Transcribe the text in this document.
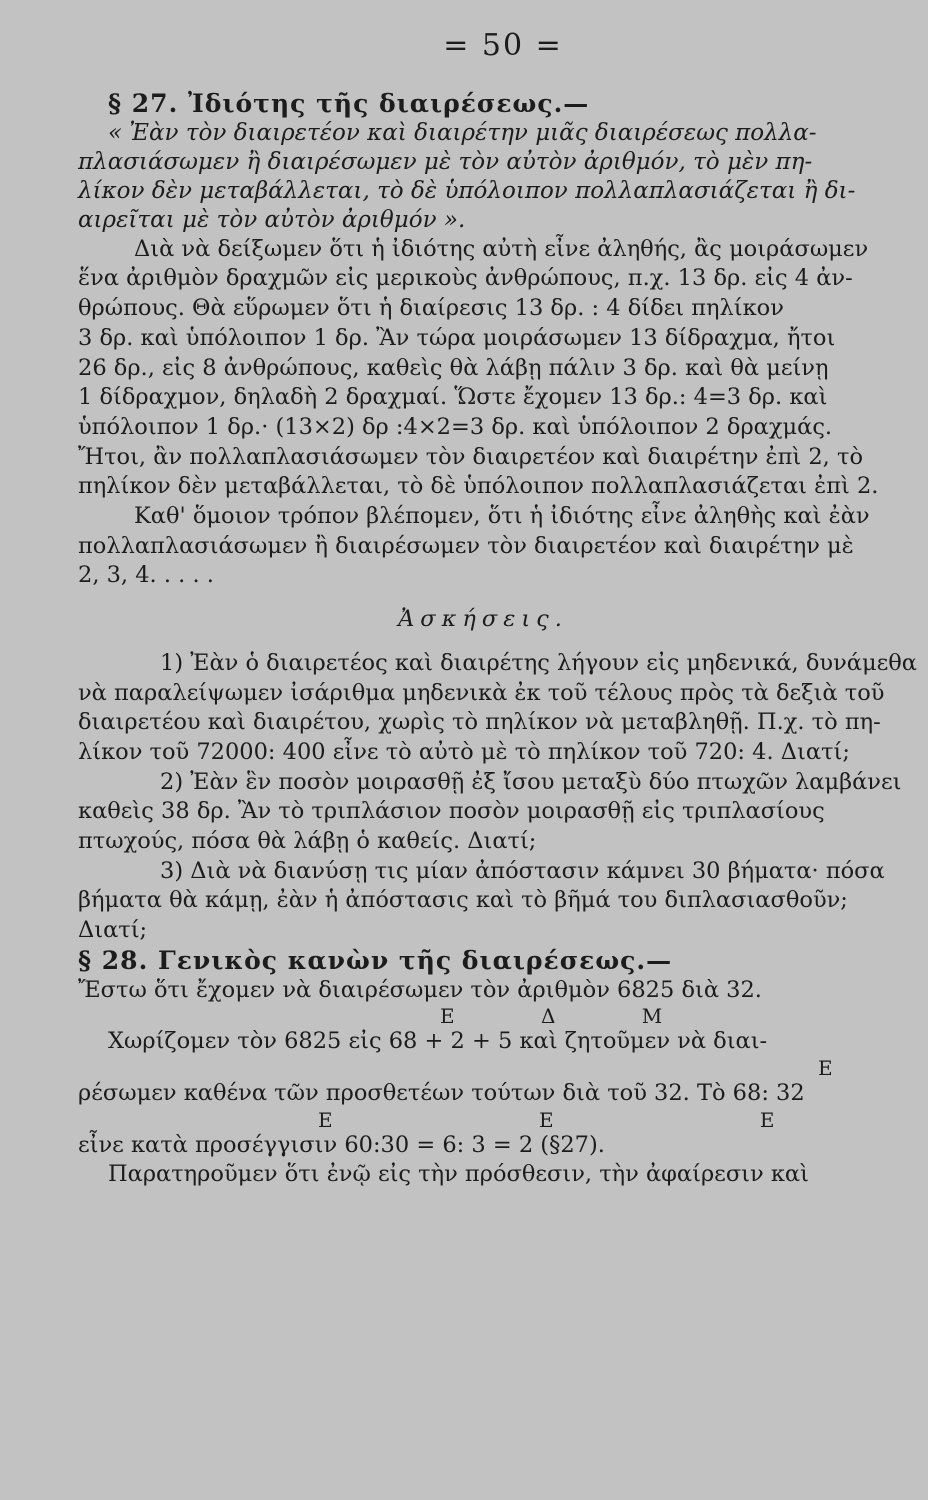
= 50 =
§ 27. Ἰδιότης τῆς διαιρέσεως.—
« Ἐὰν τὸν διαιρετέον καὶ διαιρέτην μιᾶς διαιρέσεως πολλα-
πλασιάσωμεν ἢ διαιρέσωμεν μὲ τὸν αὐτὸν ἀριθμόν, τὸ μὲν πη-
λίκον δὲν μεταβάλλεται, τὸ δὲ ὑπόλοιπον πολλαπλασιάζεται ἢ δι-
αιρεῖται μὲ τὸν αὐτὸν ἀριθμόν ».
Διὰ νὰ δείξωμεν ὅτι ἡ ἰδιότης αὐτὴ εἶνε ἀληθής, ἂς μοιράσωμεν
ἕνα ἀριθμὸν δραχμῶν εἰς μερικοὺς ἀνθρώπους, π.χ. 13 δρ. εἰς 4 ἀν-
θρώπους. Θὰ εὕρωμεν ὅτι ἡ διαίρεσις 13 δρ. : 4 δίδει πηλίκον
3 δρ. καὶ ὑπόλοιπον 1 δρ. Ἂν τώρα μοιράσωμεν 13 δίδραχμα, ἤτοι
26 δρ., εἰς 8 ἀνθρώπους, καθεὶς θὰ λάβῃ πάλιν 3 δρ. καὶ θὰ μείνῃ
1 δίδραχμον, δηλαδὴ 2 δραχμαί. Ὥστε ἔχομεν 13 δρ.: 4=3 δρ. καὶ
ὑπόλοιπον 1 δρ.· (13×2) δρ :4×2=3 δρ. καὶ ὑπόλοιπον 2 δραχμάς.
Ἤτοι, ἂν πολλαπλασιάσωμεν τὸν διαιρετέον καὶ διαιρέτην ἐπὶ 2, τὸ
πηλίκον δὲν μεταβάλλεται, τὸ δὲ ὑπόλοιπον πολλαπλασιάζεται ἐπὶ 2.
Καθ' ὅμοιον τρόπον βλέπομεν, ὅτι ἡ ἰδιότης εἶνε ἀληθὴς καὶ ἐὰν
πολλαπλασιάσωμεν ἢ διαιρέσωμεν τὸν διαιρετέον καὶ διαιρέτην μὲ
2, 3, 4. . . . .
Ἀσκήσεις.
1) Ἐὰν ὁ διαιρετέος καὶ διαιρέτης λήγουν εἰς μηδενικά, δυνάμεθα
νὰ παραλείψωμεν ἰσάριθμα μηδενικὰ ἐκ τοῦ τέλους πρὸς τὰ δεξιὰ τοῦ
διαιρετέου καὶ διαιρέτου, χωρὶς τὸ πηλίκον νὰ μεταβληθῇ. Π.χ. τὸ πη-
λίκον τοῦ 72000: 400 εἶνε τὸ αὐτὸ μὲ τὸ πηλίκον τοῦ 720: 4. Διατί;
2) Ἐὰν ἓν ποσὸν μοιρασθῇ ἐξ ἴσου μεταξὺ δύο πτωχῶν λαμβάνει
καθεὶς 38 δρ. Ἂν τὸ τριπλάσιον ποσὸν μοιρασθῇ εἰς τριπλασίους
πτωχούς, πόσα θὰ λάβῃ ὁ καθείς. Διατί;
3) Διὰ νὰ διανύσῃ τις μίαν ἀπόστασιν κάμνει 30 βήματα· πόσα
βήματα θὰ κάμῃ, ἐὰν ἡ ἀπόστασις καὶ τὸ βῆμά του διπλασιασθοῦν;
Διατί;
§ 28. Γενικὸς κανὼν τῆς διαιρέσεως.—
Ἔστω ὅτι ἔχομεν νὰ διαιρέσωμεν τὸν ἀριθμὸν 6825 διὰ 32.
Ε Δ Μ
Χωρίζομεν τὸν 6825 εἰς 68 + 2 + 5 καὶ ζητοῦμεν νὰ διαι-
Ε
ρέσωμεν καθένα τῶν προσθετέων τούτων διὰ τοῦ 32. Τὸ 68: 32
Ε Ε Ε
εἶνε κατὰ προσέγγισιν 60:30 = 6: 3 = 2 (§27).
Παρατηροῦμεν ὅτι ἐνῷ εἰς τὴν πρόσθεσιν, τὴν ἀφαίρεσιν καὶ
